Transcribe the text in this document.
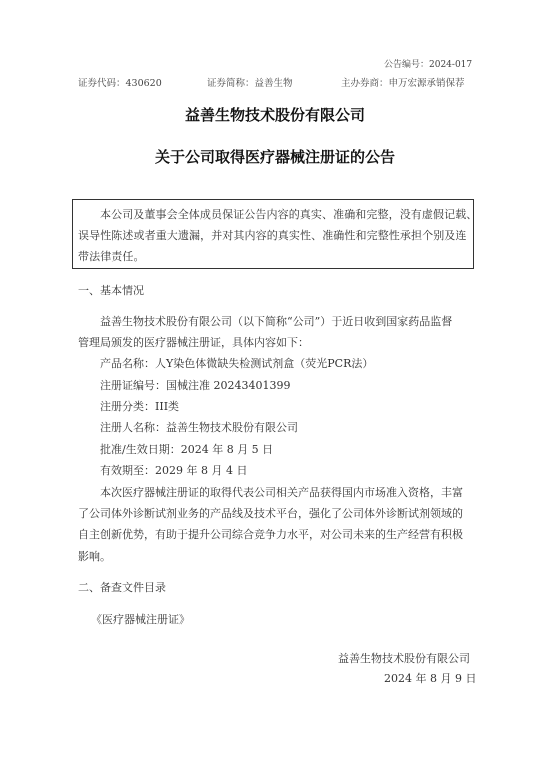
公告编号：2024-017
证券代码：430620	证券简称：益善生物	主办券商：申万宏源承销保荐
益善生物技术股份有限公司
关于公司取得医疗器械注册证的公告
本公司及董事会全体成员保证公告内容的真实、准确和完整，没有虚假记载、
误导性陈述或者重大遗漏，并对其内容的真实性、准确性和完整性承担个别及连
带法律责任。
一、基本情况
益善生物技术股份有限公司（以下简称“公司”）于近日收到国家药品监督
管理局颁发的医疗器械注册证，具体内容如下：
产品名称：人Y染色体微缺失检测试剂盒（荧光PCR法）
注册证编号：国械注准 20243401399
注册分类：III类
注册人名称：益善生物技术股份有限公司
批准/生效日期：2024 年 8 月 5 日
有效期至：2029 年 8 月 4 日
本次医疗器械注册证的取得代表公司相关产品获得国内市场准入资格，丰富
了公司体外诊断试剂业务的产品线及技术平台，强化了公司体外诊断试剂领域的
自主创新优势，有助于提升公司综合竞争力水平，对公司未来的生产经营有积极
影响。
二、备查文件目录
《医疗器械注册证》
益善生物技术股份有限公司
2024 年 8 月 9 日
